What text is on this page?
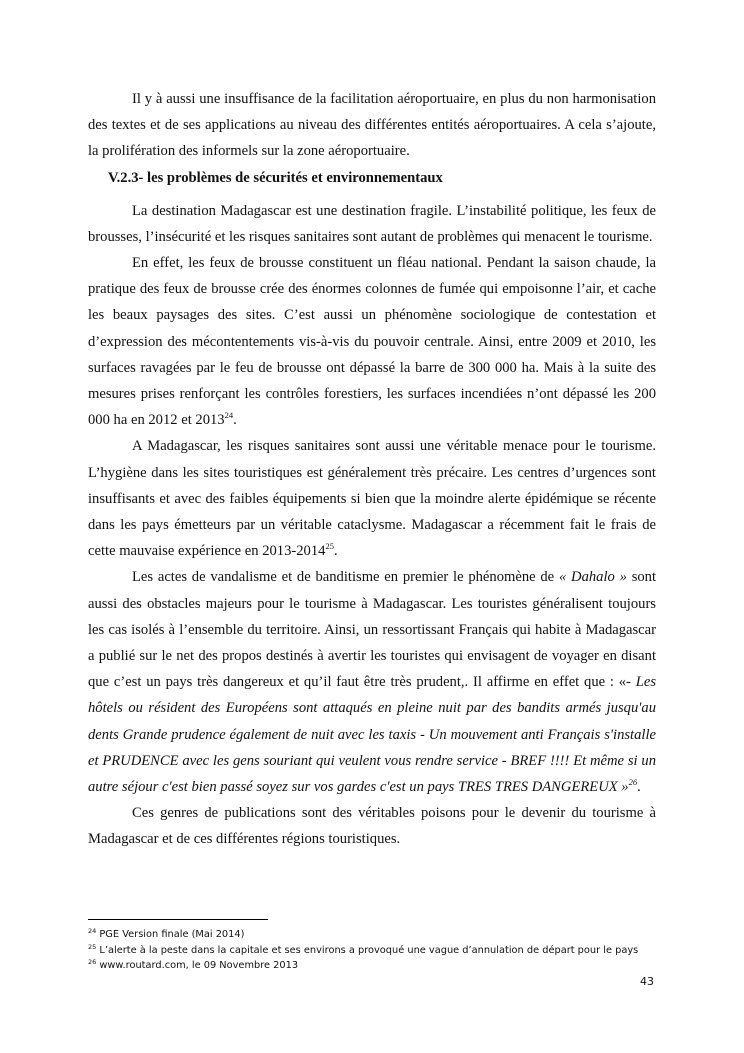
Il y à aussi une insuffisance de la facilitation aéroportuaire, en plus du non harmonisation des textes et de ses applications au niveau des différentes entités aéroportuaires. A cela s’ajoute, la prolifération des informels sur la zone aéroportuaire.

V.2.3- les problèmes de sécurités et environnementaux

La destination Madagascar est une destination fragile. L’instabilité politique, les feux de brousses, l’insécurité et les risques sanitaires sont autant de problèmes qui menacent le tourisme.

En effet, les feux de brousse constituent un fléau national. Pendant la saison chaude, la pratique des feux de brousse crée des énormes colonnes de fumée qui empoisonne l’air, et cache les beaux paysages des sites. C’est aussi un phénomène sociologique de contestation et d’expression des mécontentements vis-à-vis du pouvoir centrale. Ainsi, entre 2009 et 2010, les surfaces ravagées par le feu de brousse ont dépassé la barre de 300 000 ha. Mais à la suite des mesures prises renforçant les contrôles forestiers, les surfaces incendiées n’ont dépassé les 200 000 ha en 2012 et 2013$^{24}$.

A Madagascar, les risques sanitaires sont aussi une véritable menace pour le tourisme. L’hygiène dans les sites touristiques est généralement très précaire. Les centres d’urgences sont insuffisants et avec des faibles équipements si bien que la moindre alerte épidémique se récente dans les pays émetteurs par un véritable cataclysme. Madagascar a récemment fait le frais de cette mauvaise expérience en 2013-2014$^{25}$.

Les actes de vandalisme et de banditisme en premier le phénomène de « Dahalo » sont aussi des obstacles majeurs pour le tourisme à Madagascar. Les touristes généralisent toujours les cas isolés à l’ensemble du territoire. Ainsi, un ressortissant Français qui habite à Madagascar a publié sur le net des propos destinés à avertir les touristes qui envisagent de voyager en disant que c’est un pays très dangereux et qu’il faut être très prudent,. Il affirme en effet que : «- Les hôtels ou résident des Européens sont attaqués en pleine nuit par des bandits armés jusqu'au dents Grande prudence également de nuit avec les taxis - Un mouvement anti Français s'installe et PRUDENCE avec les gens souriant qui veulent vous rendre service - BREF !!!! Et même si un autre séjour c'est bien passé soyez sur vos gardes c'est un pays TRES TRES DANGEREUX »$^{26}$.

Ces genres de publications sont des véritables poisons pour le devenir du tourisme à Madagascar et de ces différentes régions touristiques.

$^{24}$ PGE Version finale (Mai 2014)
$^{25}$ L’alerte à la peste dans la capitale et ses environs a provoqué une vague d’annulation de départ pour le pays
$^{26}$ www.routard.com, le 09 Novembre 2013
43
